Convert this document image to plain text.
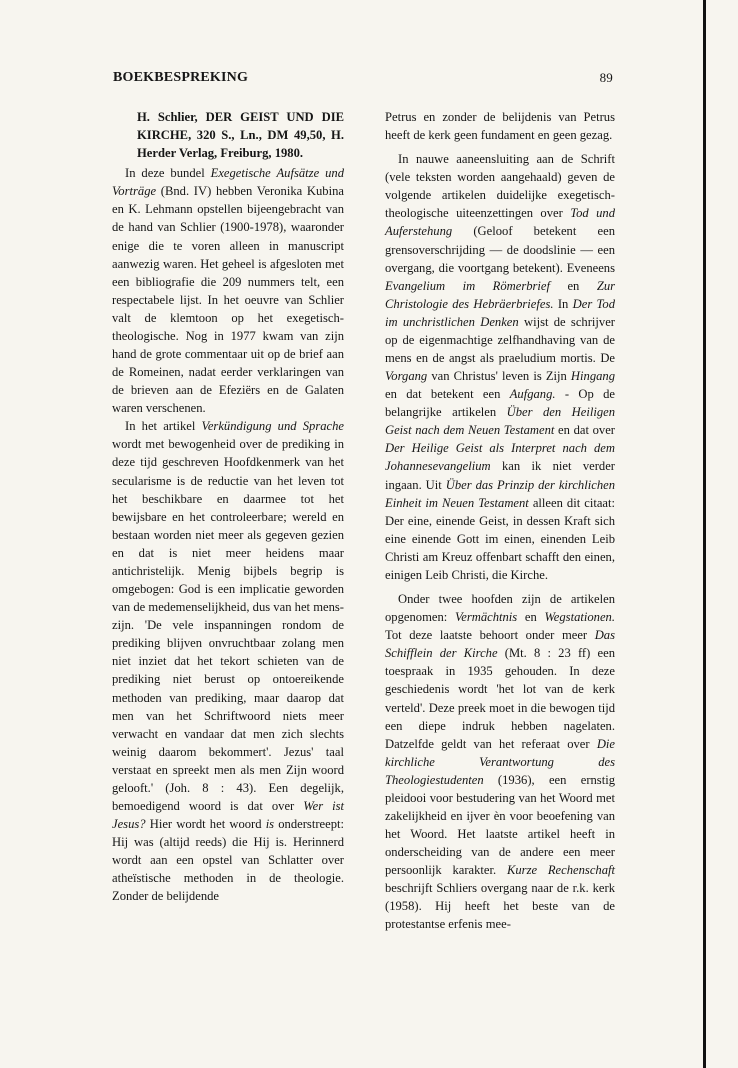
BOEKBESPREKING	89

H. Schlier, DER GEIST UND DIE KIRCHE, 320 S., Ln., DM 49,50, H. Herder Verlag, Freiburg, 1980.

In deze bundel Exegetische Aufsätze und Vorträge (Bnd. IV) hebben Veronika Kubina en K. Lehmann opstellen bijeengebracht van de hand van Schlier (1900-1978), waaronder enige die te voren alleen in manuscript aanwezig waren. Het geheel is afgesloten met een bibliografie die 209 nummers telt, een respectabele lijst. In het oeuvre van Schlier valt de klemtoon op het exegetisch-theologische. Nog in 1977 kwam van zijn hand de grote commentaar uit op de brief aan de Romeinen, nadat eerder verklaringen van de brieven aan de Efeziërs en de Galaten waren verschenen.

In het artikel Verkündigung und Sprache wordt met bewogenheid over de prediking in deze tijd geschreven Hoofdkenmerk van het secularisme is de reductie van het leven tot het beschikbare en daarmee tot het bewijsbare en het controleerbare; wereld en bestaan worden niet meer als gegeven gezien en dat is niet meer heidens maar antichristelijk. Menig bijbels begrip is omgebogen: God is een implicatie geworden van de medemenselijkheid, dus van het mens-zijn. 'De vele inspanningen rondom de prediking blijven onvruchtbaar zolang men niet inziet dat het tekort schieten van de prediking niet berust op ontoereikende methoden van prediking, maar daarop dat men van het Schriftwoord niets meer verwacht en vandaar dat men zich slechts weinig daarom bekommert'. Jezus' taal verstaat en spreekt men als men Zijn woord gelooft.' (Joh. 8 : 43). Een degelijk, bemoedigend woord is dat over Wer ist Jesus? Hier wordt het woord is onderstreept: Hij was (altijd reeds) die Hij is. Herinnerd wordt aan een opstel van Schlatter over atheïstische methoden in de theologie. Zonder de belijdende

Petrus en zonder de belijdenis van Petrus heeft de kerk geen fundament en geen gezag.

In nauwe aaneensluiting aan de Schrift (vele teksten worden aangehaald) geven de volgende artikelen duidelijke exegetisch-theologische uiteenzettingen over Tod und Auferstehung (Geloof betekent een grensoverschrijding — de doodslinie — een overgang, die voortgang betekent). Eveneens Evangelium im Römerbrief en Zur Christologie des Hebräerbriefes. In Der Tod im unchristlichen Denken wijst de schrijver op de eigenmachtige zelfhandhaving van de mens en de angst als praeludium mortis. De Vorgang van Christus' leven is Zijn Hingang en dat betekent een Aufgang. - Op de belangrijke artikelen Über den Heiligen Geist nach dem Neuen Testament en dat over Der Heilige Geist als Interpret nach dem Johannesevangelium kan ik niet verder ingaan. Uit Über das Prinzip der kirchlichen Einheit im Neuen Testament alleen dit citaat: Der eine, einende Geist, in dessen Kraft sich eine einende Gott im einen, einenden Leib Christi am Kreuz offenbart schafft den einen, einigen Leib Christi, die Kirche.

Onder twee hoofden zijn de artikelen opgenomen: Vermächtnis en Wegstationen. Tot deze laatste behoort onder meer Das Schifflein der Kirche (Mt. 8 : 23 ff) een toespraak in 1935 gehouden. In deze geschiedenis wordt 'het lot van de kerk verteld'. Deze preek moet in die bewogen tijd een diepe indruk hebben nagelaten. Datzelfde geldt van het referaat over Die kirchliche Verantwortung des Theologiestudenten (1936), een ernstig pleidooi voor bestudering van het Woord met zakelijkheid en ijver èn voor beoefening van het Woord. Het laatste artikel heeft in onderscheiding van de andere een meer persoonlijk karakter. Kurze Rechenschaft beschrijft Schliers overgang naar de r.k. kerk (1958). Hij heeft het beste van de protestantse erfenis mee-
